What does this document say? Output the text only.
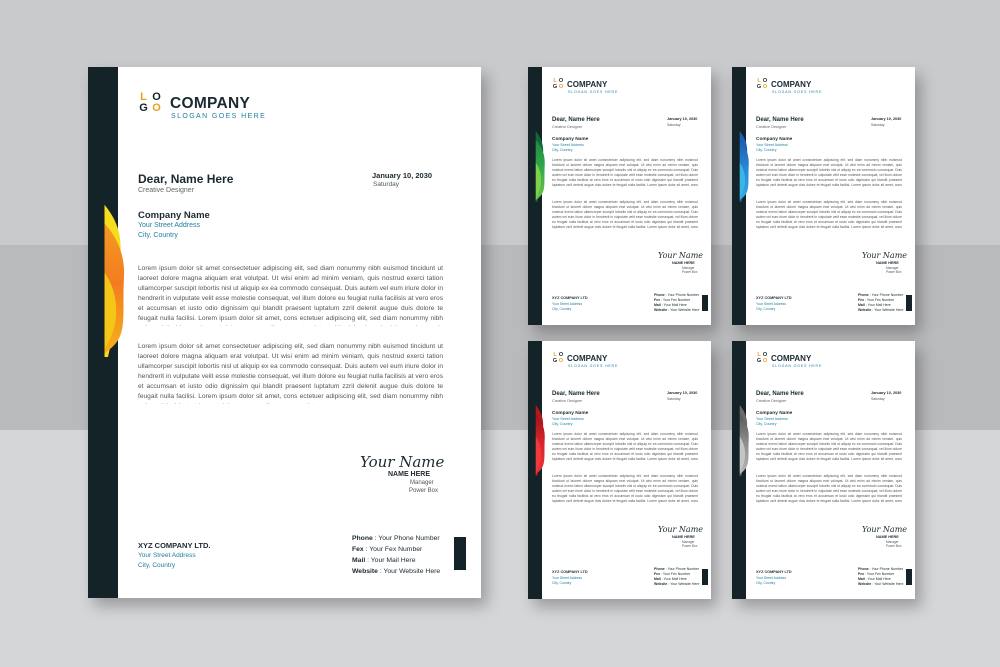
L O
G O COMPANY
SLOGAN GOES HERE
Dear, Name Here
Creative Designer
January 10, 2030
Saturday
Company Name
Your Street Address
City, Country
Lorem ipsum dolor sit amet consectetuer adipiscing elit, sed diam nonummy nibh euismod tincidunt ut laoreet dolore magna aliquam erat volutpat. Ut wisi enim ad minim veniam, quis nostrud exerci tation ullamcorper suscipit lobortis nisl ut aliquip ex ea commodo consequat. Duis autem vel eum iriure dolor in hendrerit in vulputate velit esse molestie consequat, vel illum dolore eu feugiat nulla facilisis at vero eros et accumsan et iusto odio dignissim qui blandit praesent luptatum zzril delenit augue duis dolore te feugait nulla facilisi. Lorem ipsum dolor sit amet, cons ectetuer adipiscing elit, sed diam nonummy nibh
Lorem ipsum dolor sit amet consectetuer adipiscing elit, sed diam nonummy nibh euismod tincidunt ut laoreet dolore magna aliquam erat volutpat. Ut wisi enim ad minim veniam, quis nostrud exerci tation ullamcorper suscipit lobortis nisl ut aliquip ex ea commodo consequat. Duis autem vel eum iriure dolor in hendrerit in vulputate velit esse molestie consequat, vel illum dolore eu feugiat nulla facilisis at vero eros et accumsan et iusto odio dignissim qui blandit praesent luptatum zzril delenit augue duis dolore te feugait nulla facilisi. Lorem ipsum dolor sit amet, cons ectetuer adipiscing elit, sed diam nonummy nibh
Your Name
NAME HERE
Manager
Power Box
XYZ COMPANY LTD.
Your Street Address
City, Country
Phone : Your Phone Number
Fex : Your Fex Number
Mail : Your Mail Here
Website : Your Website Here
L O
G O COMPANY
SLOGAN GOES HERE
Dear, Name Here
Creative Designer
January 10, 2030
Saturday
Company Name
Your Street Address
City, Country
Lorem ipsum dolor sit amet consectetuer adipiscing elit, sed diam nonummy nibh euismod tincidunt ut laoreet dolore magna aliquam erat volutpat. Ut wisi enim ad minim veniam, quis nostrud exerci tation ullamcorper suscipit lobortis nisl ut aliquip ex ea commodo consequat. Duis autem vel eum iriure dolor in hendrerit in vulputate velit esse molestie consequat, vel illum dolore eu feugiat nulla facilisis at vero eros et accumsan et iusto odio dignissim qui blandit praesent luptatum zzril delenit augue duis dolore te feugait nulla facilisi. Lorem ipsum dolor sit amet, cons
Lorem ipsum dolor sit amet consectetuer adipiscing elit, sed diam nonummy nibh euismod tincidunt ut laoreet dolore magna aliquam erat volutpat. Ut wisi enim ad minim veniam, quis nostrud exerci tation ullamcorper suscipit lobortis nisl ut aliquip ex ea commodo consequat. Duis autem vel eum iriure dolor in hendrerit in vulputate velit esse molestie consequat, vel illum dolore eu feugiat nulla facilisis at vero eros et accumsan et iusto odio dignissim qui blandit praesent luptatum zzril delenit augue duis dolore te feugait nulla facilisi. Lorem ipsum dolor sit amet, cons
Your Name
NAME HERE
Manager
Power Box
XYZ COMPANY LTD
Your Street Address
City, Country
Phone : Your Phone Number
Fex : Your Fex Number
Mail : Your Mail Here
Website : Your Website Here
L O
G O COMPANY
SLOGAN GOES HERE
Dear, Name Here
Creative Designer
January 10, 2030
Saturday
Company Name
Your Street Address
City, Country
Lorem ipsum dolor sit amet consectetuer adipiscing elit, sed diam nonummy nibh euismod tincidunt ut laoreet dolore magna aliquam erat volutpat. Ut wisi enim ad minim veniam, quis nostrud exerci tation ullamcorper suscipit lobortis nisl ut aliquip ex ea commodo consequat. Duis autem vel eum iriure dolor in hendrerit in vulputate velit esse molestie consequat, vel illum dolore eu feugiat nulla facilisis at vero eros et accumsan et iusto odio dignissim qui blandit praesent luptatum zzril delenit augue duis dolore te feugait nulla facilisi. Lorem ipsum dolor sit amet, cons
Lorem ipsum dolor sit amet consectetuer adipiscing elit, sed diam nonummy nibh euismod tincidunt ut laoreet dolore magna aliquam erat volutpat. Ut wisi enim ad minim veniam, quis nostrud exerci tation ullamcorper suscipit lobortis nisl ut aliquip ex ea commodo consequat. Duis autem vel eum iriure dolor in hendrerit in vulputate velit esse molestie consequat, vel illum dolore eu feugiat nulla facilisis at vero eros et accumsan et iusto odio dignissim qui blandit praesent luptatum zzril delenit augue duis dolore te feugait nulla facilisi. Lorem ipsum dolor sit amet, cons
Your Name
NAME HERE
Manager
Power Box
XYZ COMPANY LTD
Your Street Address
City, Country
Phone : Your Phone Number
Fex : Your Fex Number
Mail : Your Mail Here
Website : Your Website Here
L O
G O COMPANY
SLOGAN GOES HERE
Dear, Name Here
Creative Designer
January 10, 2030
Saturday
Company Name
Your Street Address
City, Country
Lorem ipsum dolor sit amet consectetuer adipiscing elit, sed diam nonummy nibh euismod tincidunt ut laoreet dolore magna aliquam erat volutpat. Ut wisi enim ad minim veniam, quis nostrud exerci tation ullamcorper suscipit lobortis nisl ut aliquip ex ea commodo consequat. Duis autem vel eum iriure dolor in hendrerit in vulputate velit esse molestie consequat, vel illum dolore eu feugiat nulla facilisis at vero eros et accumsan et iusto odio dignissim qui blandit praesent luptatum zzril delenit augue duis dolore te feugait nulla facilisi. Lorem ipsum dolor sit amet, cons
Lorem ipsum dolor sit amet consectetuer adipiscing elit, sed diam nonummy nibh euismod tincidunt ut laoreet dolore magna aliquam erat volutpat. Ut wisi enim ad minim veniam, quis nostrud exerci tation ullamcorper suscipit lobortis nisl ut aliquip ex ea commodo consequat. Duis autem vel eum iriure dolor in hendrerit in vulputate velit esse molestie consequat, vel illum dolore eu feugiat nulla facilisis at vero eros et accumsan et iusto odio dignissim qui blandit praesent luptatum zzril delenit augue duis dolore te feugait nulla facilisi. Lorem ipsum dolor sit amet, cons
Your Name
NAME HERE
Manager
Power Box
XYZ COMPANY LTD
Your Street Address
City, Country
Phone : Your Phone Number
Fex : Your Fex Number
Mail : Your Mail Here
Website : Your Website Here
L O
G O COMPANY
SLOGAN GOES HERE
Dear, Name Here
Creative Designer
January 10, 2030
Saturday
Company Name
Your Street Address
City, Country
Lorem ipsum dolor sit amet consectetuer adipiscing elit, sed diam nonummy nibh euismod tincidunt ut laoreet dolore magna aliquam erat volutpat. Ut wisi enim ad minim veniam, quis nostrud exerci tation ullamcorper suscipit lobortis nisl ut aliquip ex ea commodo consequat. Duis autem vel eum iriure dolor in hendrerit in vulputate velit esse molestie consequat, vel illum dolore eu feugiat nulla facilisis at vero eros et accumsan et iusto odio dignissim qui blandit praesent luptatum zzril delenit augue duis dolore te feugait nulla facilisi. Lorem ipsum dolor sit amet, cons
Lorem ipsum dolor sit amet consectetuer adipiscing elit, sed diam nonummy nibh euismod tincidunt ut laoreet dolore magna aliquam erat volutpat. Ut wisi enim ad minim veniam, quis nostrud exerci tation ullamcorper suscipit lobortis nisl ut aliquip ex ea commodo consequat. Duis autem vel eum iriure dolor in hendrerit in vulputate velit esse molestie consequat, vel illum dolore eu feugiat nulla facilisis at vero eros et accumsan et iusto odio dignissim qui blandit praesent luptatum zzril delenit augue duis dolore te feugait nulla facilisi. Lorem ipsum dolor sit amet, cons
Your Name
NAME HERE
Manager
Power Box
XYZ COMPANY LTD
Your Street Address
City, Country
Phone : Your Phone Number
Fex : Your Fex Number
Mail : Your Mail Here
Website : Your Website Here
